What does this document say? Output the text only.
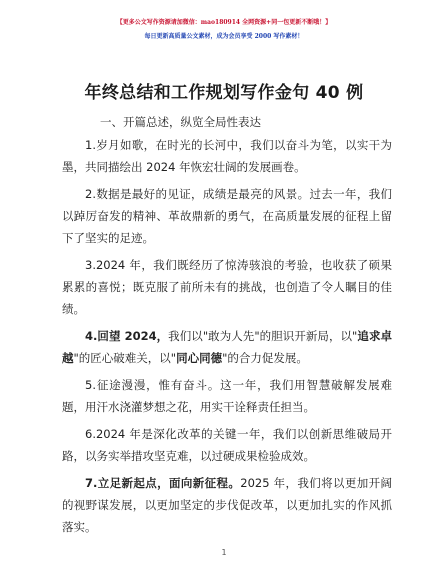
【更多公文写作资源请加微信：mao180914 全网资源+同一包更新不断哦！】
每日更新高质量公文素材，成为会员享受 2000 写作素材！
年终总结和工作规划写作金句 40 例
一、开篇总述，纵览全局性表达

1.岁月如歌，在时光的长河中，我们以奋斗为笔，以实干为墨，共同描绘出 2024 年恢宏壮阔的发展画卷。

2.数据是最好的见证，成绩是最亮的风景。过去一年，我们以踔厉奋发的精神、革故鼎新的勇气，在高质量发展的征程上留下了坚实的足迹。

3.2024 年，我们既经历了惊涛骇浪的考验，也收获了硕果累累的喜悦；既克服了前所未有的挑战，也创造了令人瞩目的佳绩。

4.回望 2024，我们以"敢为人先"的胆识开新局，以"追求卓越"的匠心破难关，以"同心同德"的合力促发展。

5.征途漫漫，惟有奋斗。这一年，我们用智慧破解发展难题，用汗水浇灌梦想之花，用实干诠释责任担当。

6.2024 年是深化改革的关键一年，我们以创新思维破局开路，以务实举措攻坚克难，以过硬成果检验成效。

7.立足新起点，面向新征程。2025 年，我们将以更加开阔的视野谋发展，以更加坚定的步伐促改革，以更加扎实的作风抓落实。

1
